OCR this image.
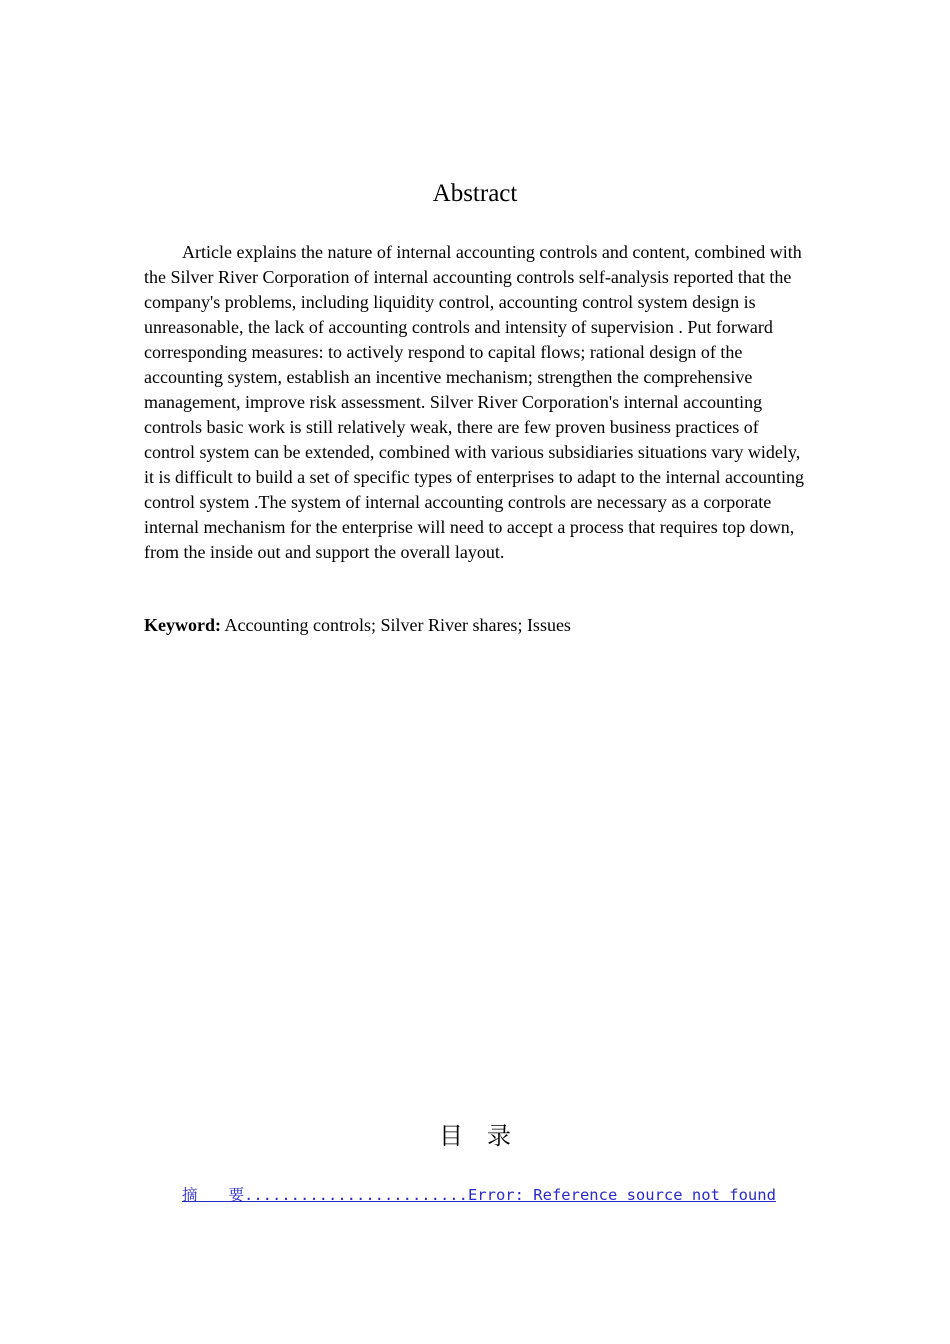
Abstract

Article explains the nature of internal accounting controls and content, combined with the Silver River Corporation of internal accounting controls self-analysis reported that the company's problems, including liquidity control, accounting control system design is unreasonable, the lack of accounting controls and intensity of supervision . Put forward corresponding measures: to actively respond to capital flows; rational design of the accounting system, establish an incentive mechanism; strengthen the comprehensive management, improve risk assessment. Silver River Corporation's internal accounting controls basic work is still relatively weak, there are few proven business practices of control system can be extended, combined with various subsidiaries situations vary widely, it is difficult to build a set of specific types of enterprises to adapt to the internal accounting control system .The system of internal accounting controls are necessary as a corporate internal mechanism for the enterprise will need to accept a process that requires top down, from the inside out and support the overall layout.

Keyword: Accounting controls; Silver River shares; Issues
目　录
摘　　要........................Error: Reference source not found
